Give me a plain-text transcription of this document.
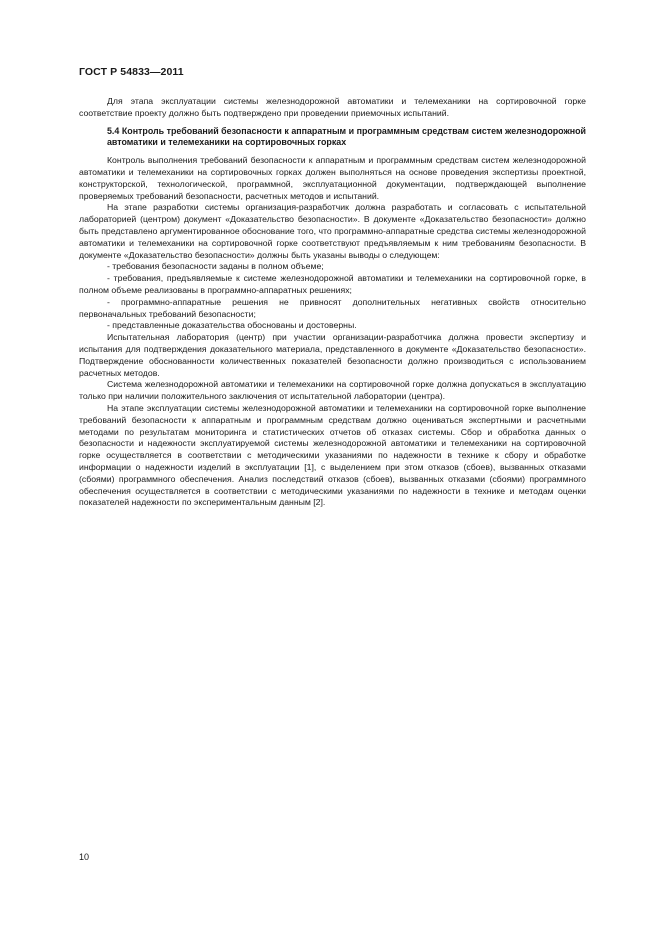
ГОСТ Р 54833—2011

Для этапа эксплуатации системы железнодорожной автоматики и телемеханики на сортировочной горке соответствие проекту должно быть подтверждено при проведении приемочных испытаний.

5.4 Контроль требований безопасности к аппаратным и программным средствам систем железнодорожной автоматики и телемеханики на сортировочных горках

Контроль выполнения требований безопасности к аппаратным и программным средствам систем железнодорожной автоматики и телемеханики на сортировочных горках должен выполняться на основе проведения экспертизы проектной, конструкторской, технологической, программной, эксплуатационной документации, подтверждающей выполнение проверяемых требований безопасности, расчетных методов и испытаний.

На этапе разработки системы организация-разработчик должна разработать и согласовать с испытательной лабораторией (центром) документ «Доказательство безопасности». В документе «Доказательство безопасности» должно быть представлено аргументированное обоснование того, что программно-аппаратные средства системы железнодорожной автоматики и телемеханики на сортировочной горке соответствуют предъявляемым к ним требованиям безопасности. В документе «Доказательство безопасности» должны быть указаны выводы о следующем:

- требования безопасности заданы в полном объеме;

- требования, предъявляемые к системе железнодорожной автоматики и телемеханики на сортировочной горке, в полном объеме реализованы в программно-аппаратных решениях;

- программно-аппаратные решения не привносят дополнительных негативных свойств относительно первоначальных требований безопасности;

- представленные доказательства обоснованы и достоверны.

Испытательная лаборатория (центр) при участии организации-разработчика должна провести экспертизу и испытания для подтверждения доказательного материала, представленного в документе «Доказательство безопасности». Подтверждение обоснованности количественных показателей безопасности должно производиться с использованием расчетных методов.

Система железнодорожной автоматики и телемеханики на сортировочной горке должна допускаться в эксплуатацию только при наличии положительного заключения от испытательной лаборатории (центра).

На этапе эксплуатации системы железнодорожной автоматики и телемеханики на сортировочной горке выполнение требований безопасности к аппаратным и программным средствам должно оцениваться экспертными и расчетными методами по результатам мониторинга и статистических отчетов об отказах системы. Сбор и обработка данных о безопасности и надежности эксплуатируемой системы железнодорожной автоматики и телемеханики на сортировочной горке осуществляется в соответствии с методическими указаниями по надежности в технике к сбору и обработке информации о надежности изделий в эксплуатации [1], с выделением при этом отказов (сбоев), вызванных отказами (сбоями) программного обеспечения. Анализ последствий отказов (сбоев), вызванных отказами (сбоями) программного обеспечения осуществляется в соответствии с методическими указаниями по надежности в технике и методам оценки показателей надежности по экспериментальным данным [2].

10
